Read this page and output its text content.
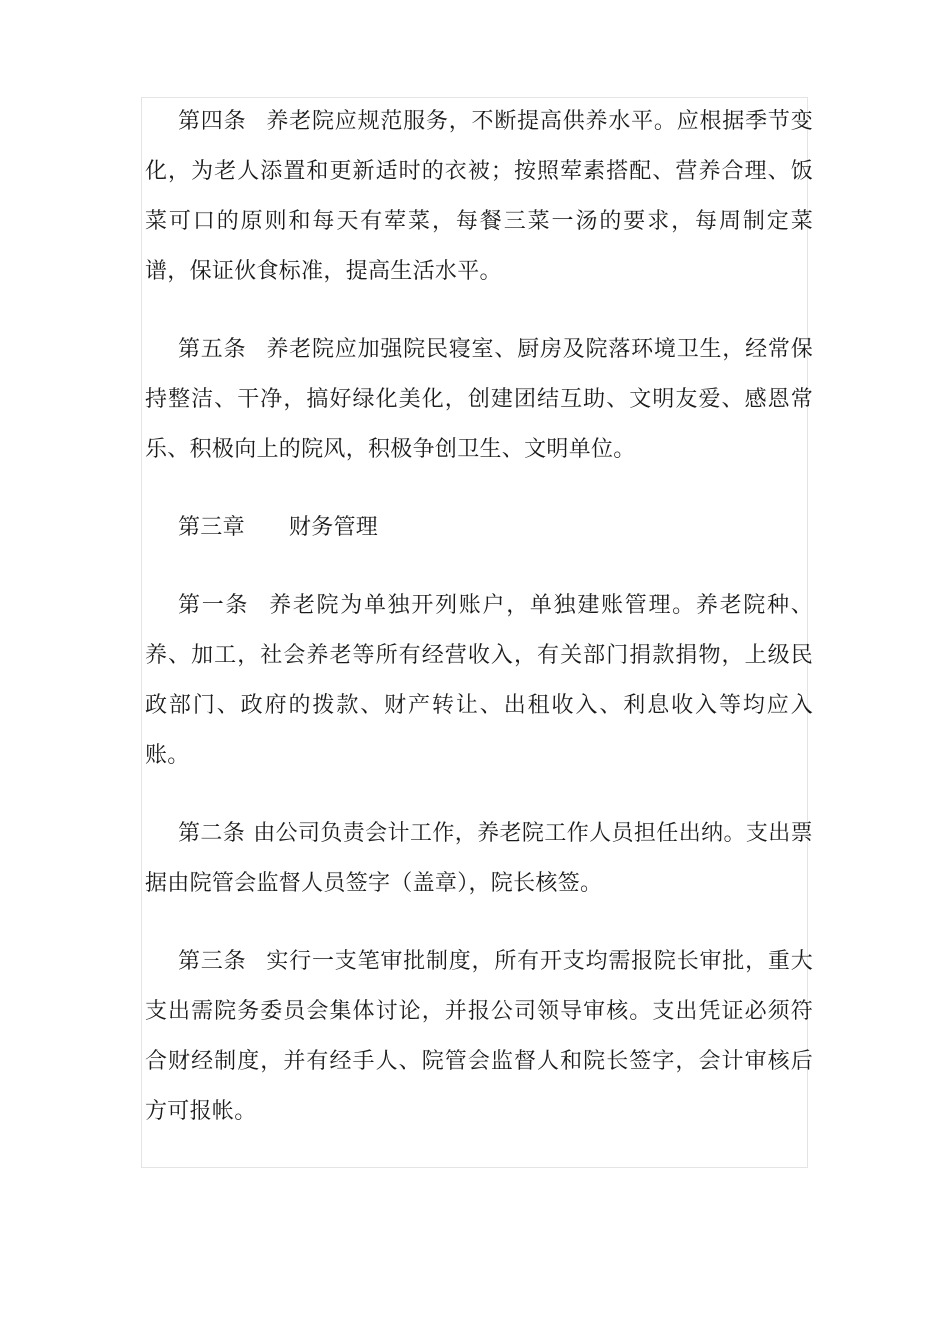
第四条 养老院应规范服务，不断提高供养水平。应根据季节变化，为老人添置和更新适时的衣被；按照荤素搭配、营养合理、饭菜可口的原则和每天有荤菜，每餐三菜一汤的要求，每周制定菜谱，保证伙食标准，提高生活水平。

第五条 养老院应加强院民寝室、厨房及院落环境卫生，经常保持整洁、干净，搞好绿化美化，创建团结互助、文明友爱、感恩常乐、积极向上的院风，积极争创卫生、文明单位。

第三章 财务管理

第一条 养老院为单独开列账户，单独建账管理。养老院种、养、加工，社会养老等所有经营收入，有关部门捐款捐物，上级民政部门、政府的拨款、财产转让、出租收入、利息收入等均应入账。

第二条 由公司负责会计工作，养老院工作人员担任出纳。支出票据由院管会监督人员签字（盖章），院长核签。

第三条 实行一支笔审批制度，所有开支均需报院长审批，重大支出需院务委员会集体讨论，并报公司领导审核。支出凭证必须符合财经制度，并有经手人、院管会监督人和院长签字，会计审核后方可报帐。
